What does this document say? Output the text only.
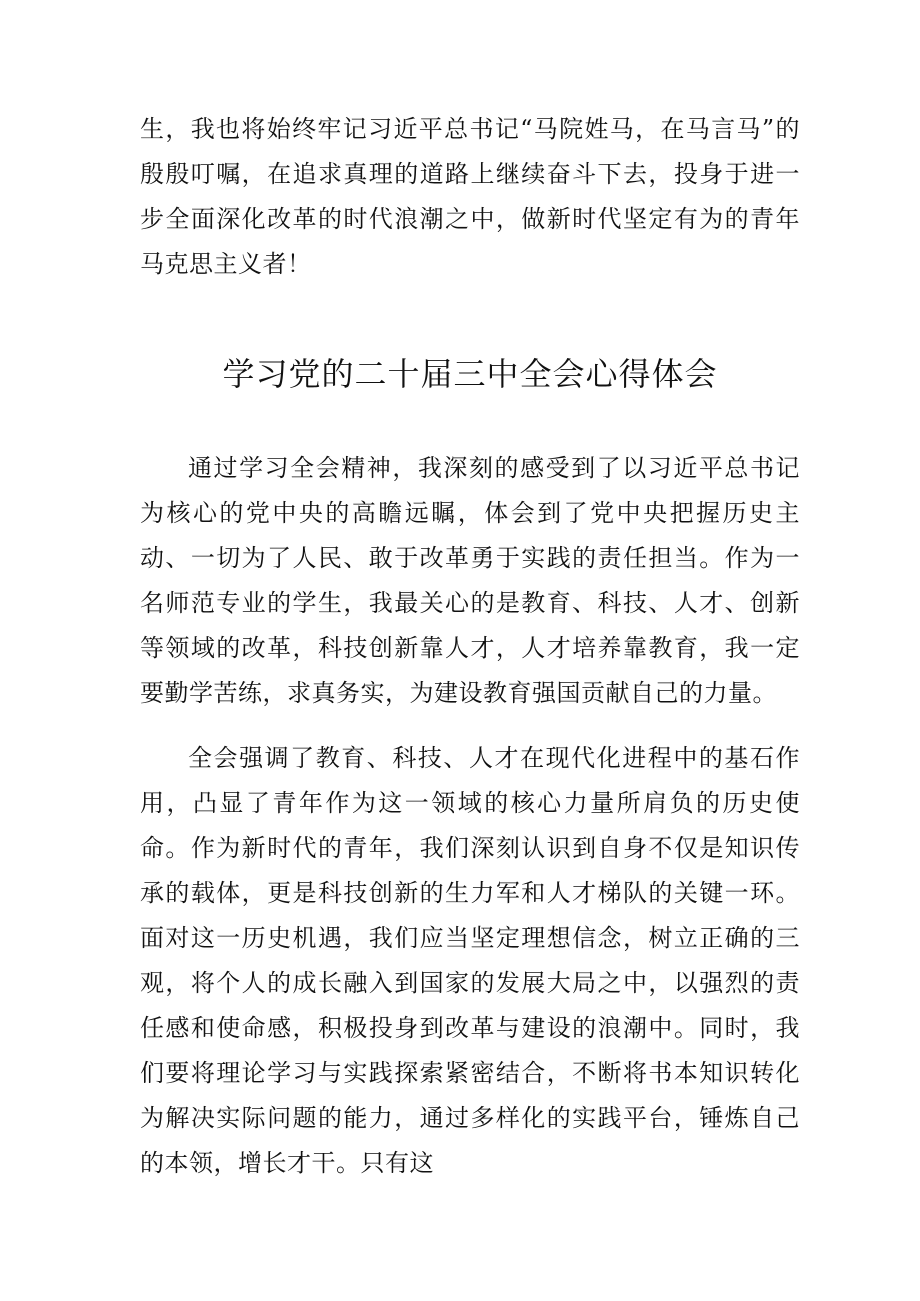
生，我也将始终牢记习近平总书记“马院姓马，在马言马”的殷殷叮嘱，在追求真理的道路上继续奋斗下去，投身于进一步全面深化改革的时代浪潮之中，做新时代坚定有为的青年马克思主义者！

学习党的二十届三中全会心得体会

通过学习全会精神，我深刻的感受到了以习近平总书记为核心的党中央的高瞻远瞩，体会到了党中央把握历史主动、一切为了人民、敢于改革勇于实践的责任担当。作为一名师范专业的学生，我最关心的是教育、科技、人才、创新等领域的改革，科技创新靠人才，人才培养靠教育，我一定要勤学苦练，求真务实，为建设教育强国贡献自己的力量。

全会强调了教育、科技、人才在现代化进程中的基石作用，凸显了青年作为这一领域的核心力量所肩负的历史使命。作为新时代的青年，我们深刻认识到自身不仅是知识传承的载体，更是科技创新的生力军和人才梯队的关键一环。面对这一历史机遇，我们应当坚定理想信念，树立正确的三观，将个人的成长融入到国家的发展大局之中，以强烈的责任感和使命感，积极投身到改革与建设的浪潮中。同时，我们要将理论学习与实践探索紧密结合，不断将书本知识转化为解决实际问题的能力，通过多样化的实践平台，锤炼自己的本领，增长才干。只有这
